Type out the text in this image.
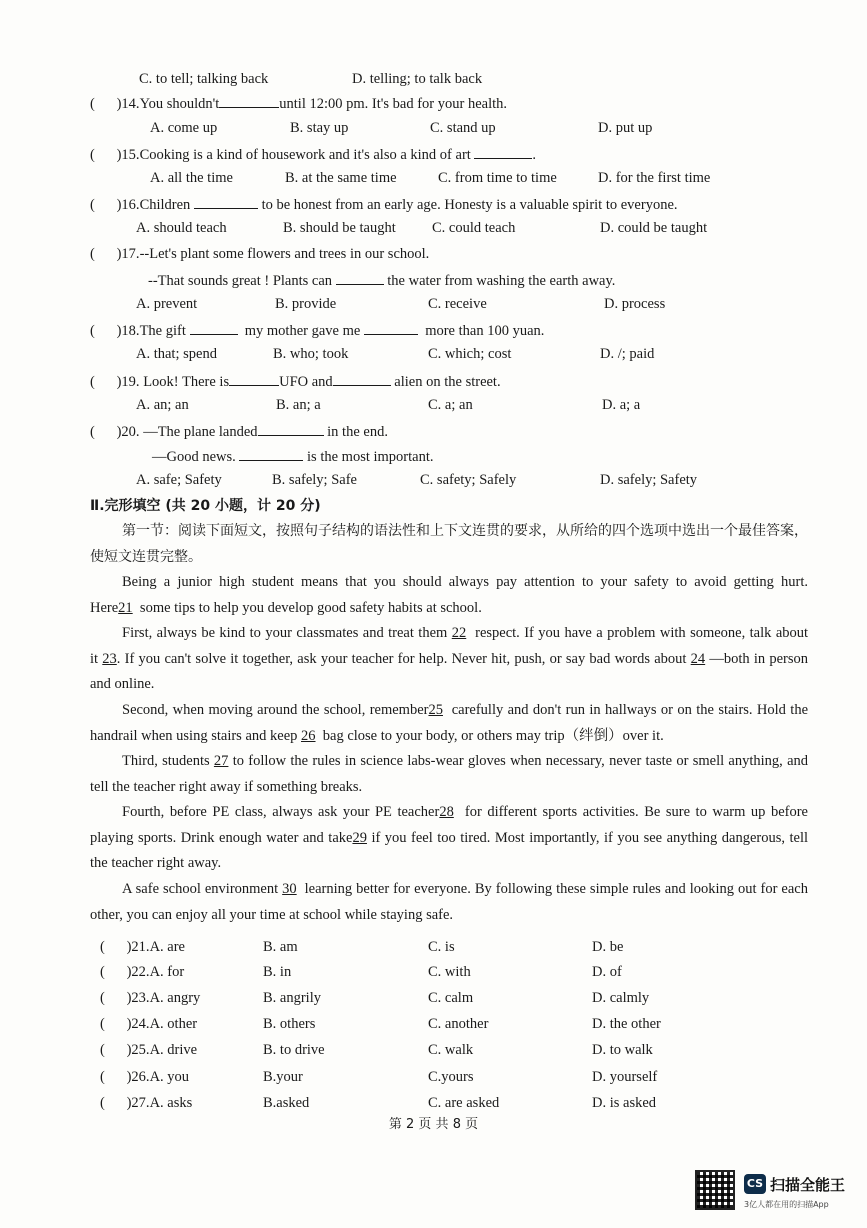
C. to tell; talking back	D. telling; to talk back
(      )14.You shouldn't	until 12:00 pm. It's bad for your health.
A. come up	B. stay up	C. stand up	D. put up
(      )15.Cooking is a kind of housework and it's also a kind of art	.
A. all the time	B. at the same time	C. from time to time	D. for the first time
(      )16.Children	to be honest from an early age. Honesty is a valuable spirit to everyone.
A. should teach	B. should be taught C. could teach	D. could be taught
(      )17.--Let's plant some flowers and trees in our school.
--That sounds great ! Plants can	the water from washing the earth away.
A. prevent	B. provide	C. receive	D. process
(      )18.The gift	my mother gave me	more than 100 yuan.
A. that; spend	B. who; took	C. which; cost	D. /; paid
(      )19. Look! There is	UFO and	alien on the street.
A. an; an	B. an; a	C. a; an	D. a; a
(      )20. —The plane landed	in the end.
—Good news.	is the most important.
A. safe; Safety	B. safely; Safe	C. safety; Safely	D. safely; Safety
Ⅱ.完形填空 (共 20 小题，计 20 分)
第一节：阅读下面短文，按照句子结构的语法性和上下文连贯的要求，从所给的四个选项中选出一个最佳答案，使短文连贯完整。
Being a junior high student means that you should always pay attention to your safety to avoid getting hurt. Here21 some tips to help you develop good safety habits at school.
First, always be kind to your classmates and treat them 22 respect. If you have a problem with someone, talk about it 23. If you can't solve it together, ask your teacher for help. Never hit, push, or say bad words about 24 —both in person and online.
Second, when moving around the school, remember25 carefully and don't run in hallways or on the stairs. Hold the handrail when using stairs and keep 26 bag close to your body, or others may trip（绊倒）over it.
Third, students 27 to follow the rules in science labs-wear gloves when necessary, never taste or smell anything, and tell the teacher right away if something breaks.
Fourth, before PE class, always ask your PE teacher28 for different sports activities. Be sure to warm up before playing sports. Drink enough water and take29 if you feel too tired. Most importantly, if you see anything dangerous, tell the teacher right away.
A safe school environment 30 learning better for everyone. By following these simple rules and looking out for each other, you can enjoy all your time at school while staying safe.
(      )21.A. are	B. am	C. is	D. be
(      )22.A. for	B. in	C. with	D. of
(      )23.A. angry	B. angrily	C. calm	D. calmly
(      )24.A. other	B. others	C. another	D. the other
(      )25.A. drive	B. to drive	C. walk	D. to walk
(      )26.A. you	B.your	C.yours	D. yourself
(      )27.A. asks	B.asked	C. are asked	D. is asked
第 2 页 共 8 页
CS 扫描全能王
3亿人都在用的扫描App
